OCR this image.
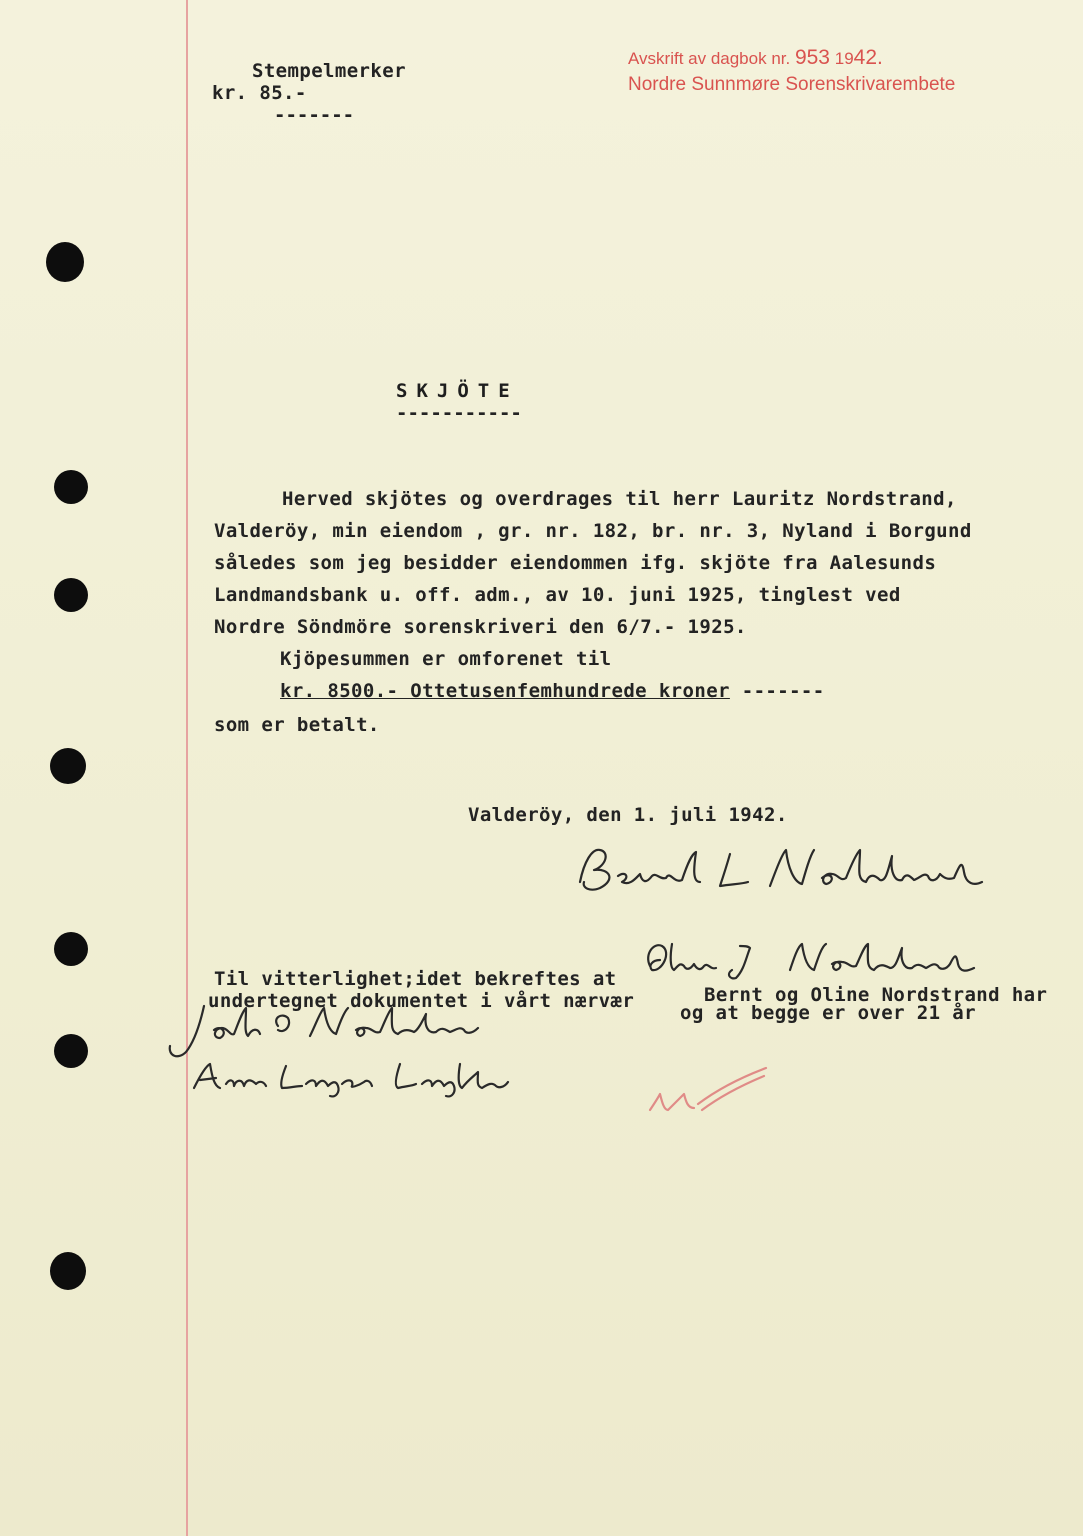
Stempelmerker
kr. 85.-
-------
Avskrift av dagbok nr. 953 1942.
Nordre Sunnmøre Sorenskrivarembete
SKJÖTE
-----------
Herved skjötes og overdrages til herr Lauritz Nordstrand,
Valderöy, min eiendom , gr. nr. 182, br. nr. 3, Nyland i Borgund
således som jeg besidder eiendommen ifg. skjöte fra Aalesunds
Landmandsbank u. off. adm., av 10. juni 1925, tinglest ved
Nordre Söndmöre sorenskriveri den 6/7.- 1925.
Kjöpesummen er omforenet til
kr. 8500.- Ottetusenfemhundrede kroner -------
som er betalt.
Valderöy, den 1. juli 1942.
Til vitterlighet;idet bekreftes at
undertegnet dokumentet i vårt nærvær	Bernt og Oline Nordstrand har
og at begge er over 21 år
